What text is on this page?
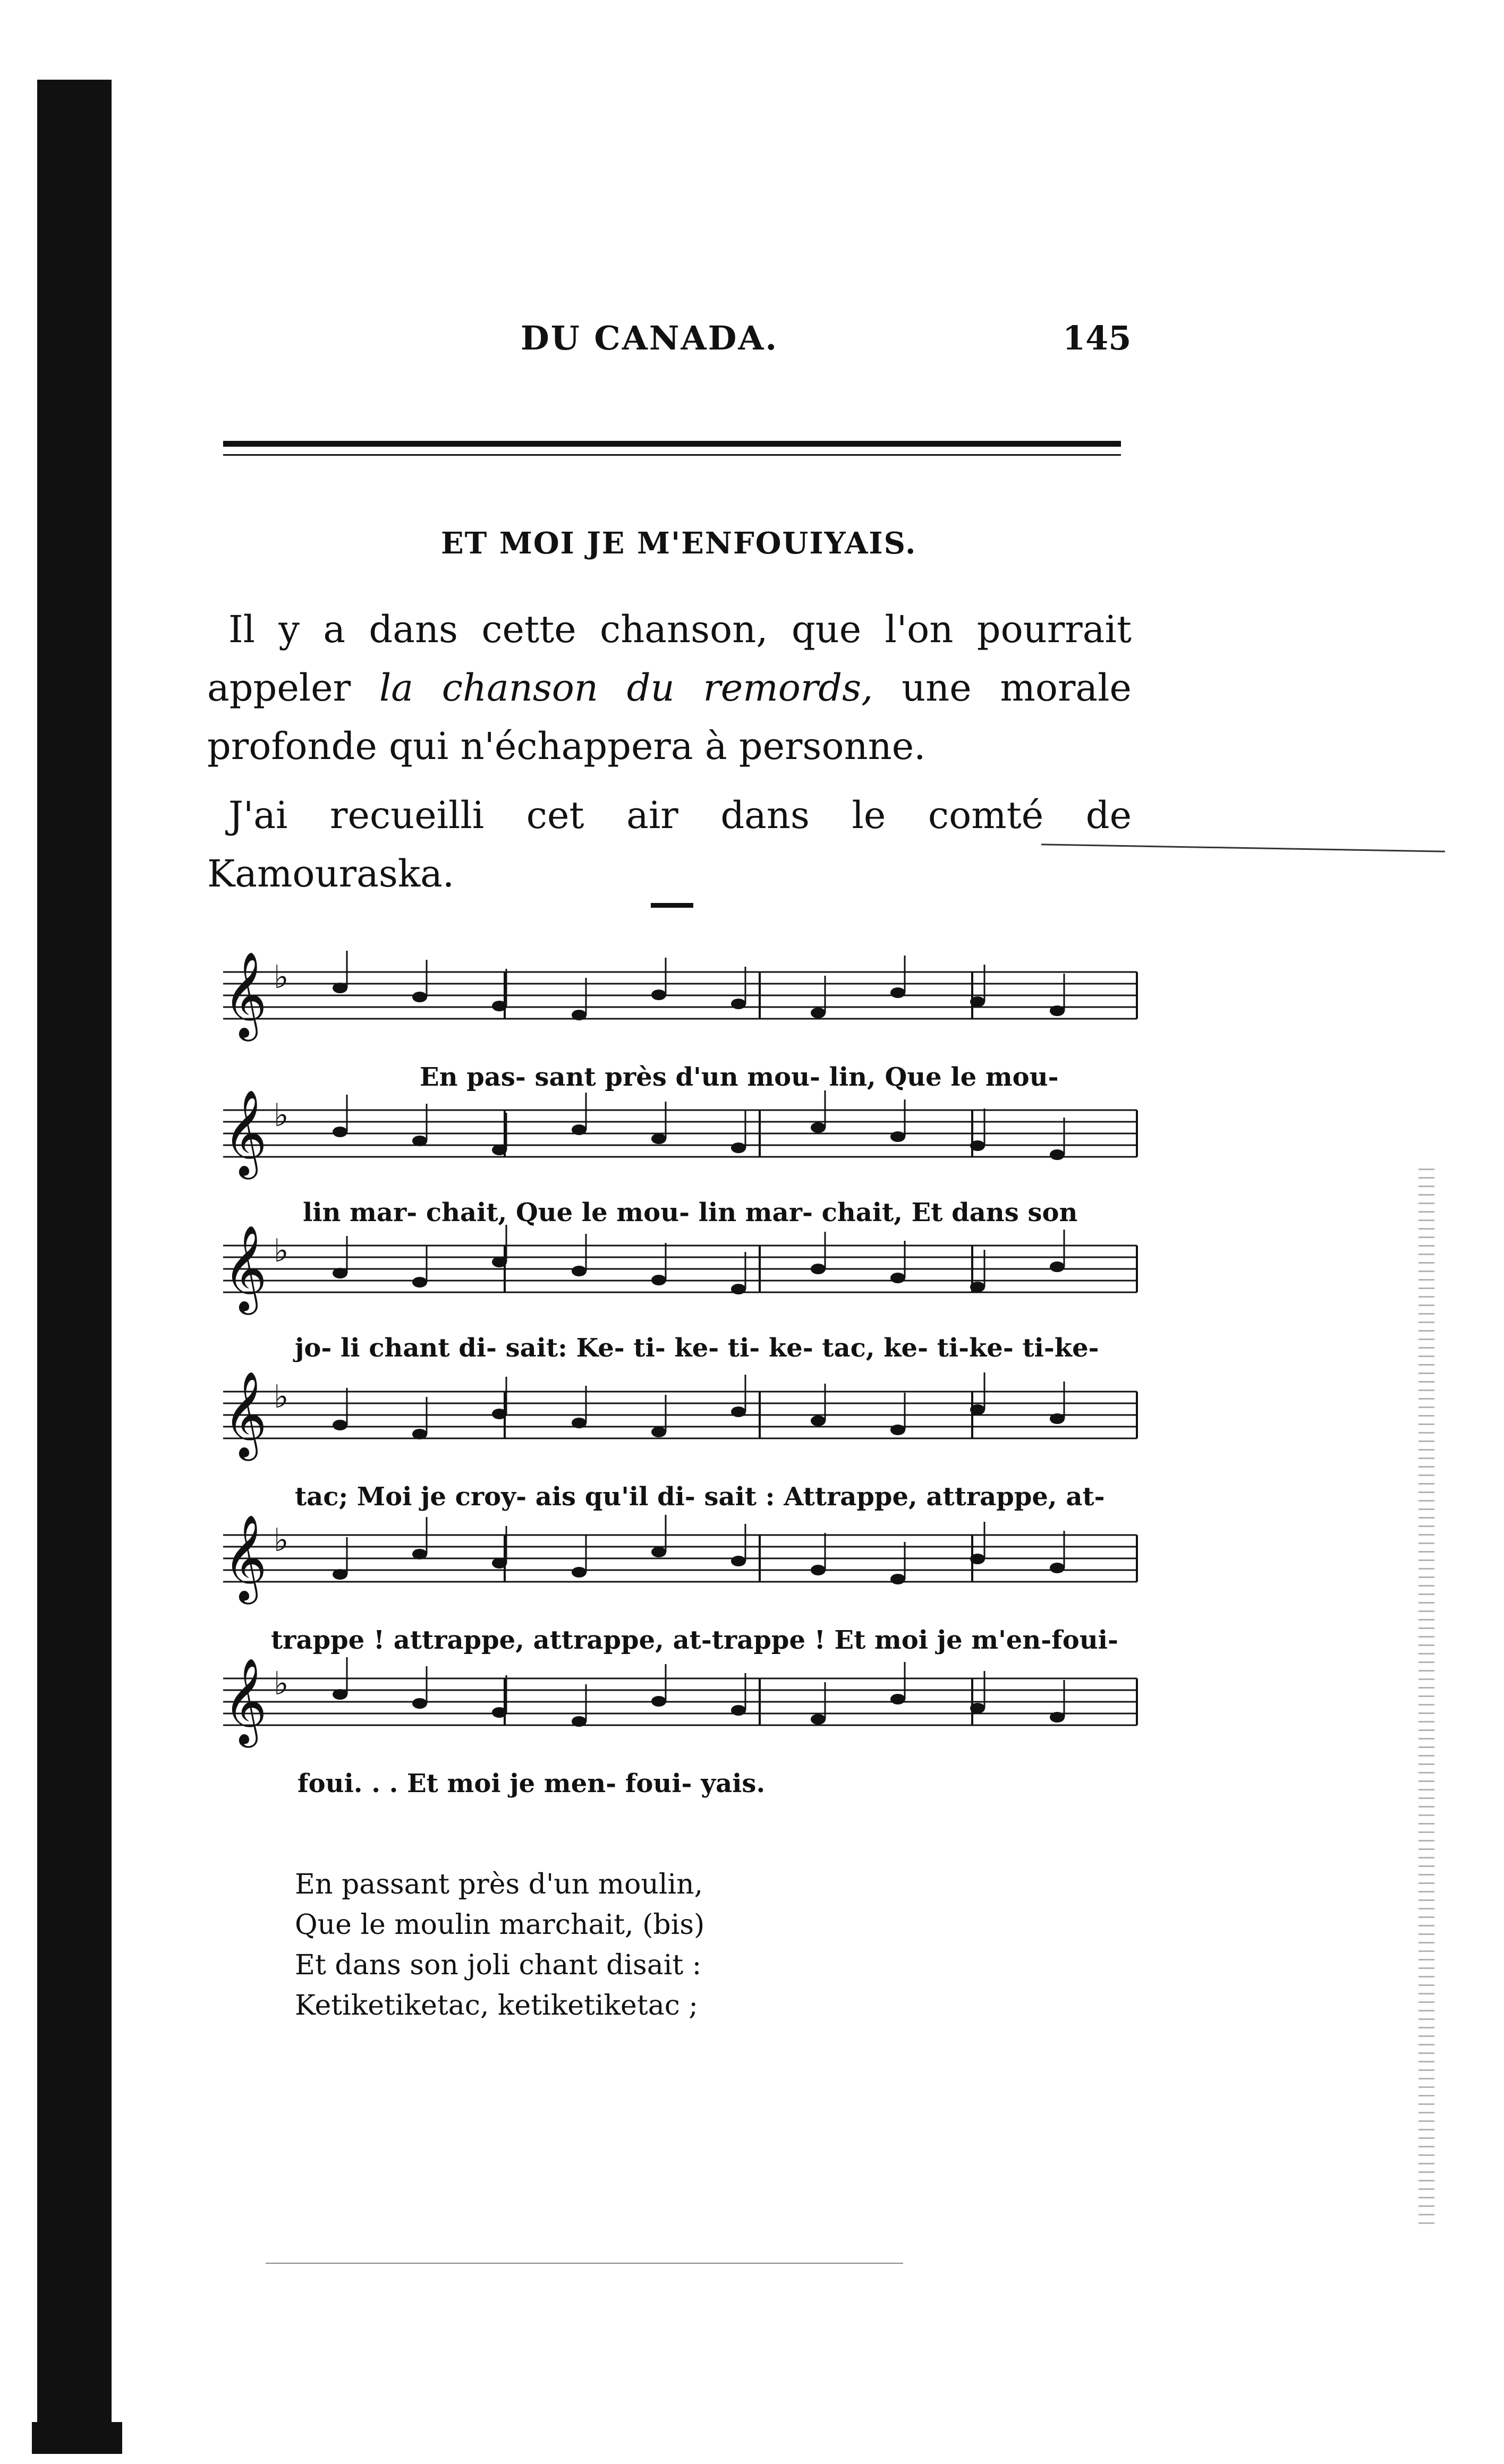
DU CANADA.	145
ET MOI JE M'ENFOUIYAIS.
Il y a dans cette chanson, que l'on pourrait appeler la chanson du remords, une morale profonde qui n'échappera à personne.
J'ai recueilli cet air dans le comté de Kamouraska.
𝄞 ♭
𝄞 ♭
𝄞 ♭
𝄞 ♭
𝄞 ♭
𝄞 ♭
En pas- sant près d'un mou- lin, Que le mou-
lin mar- chait, Que le mou- lin mar- chait, Et dans son
jo- li chant di- sait: Ke- ti- ke- ti- ke- tac, ke- ti-ke- ti-ke-
tac; Moi je croy- ais qu'il di- sait : Attrappe, attrappe, at-
trappe ! attrappe, attrappe, at-trappe ! Et moi je m'en-foui-
foui. . . Et moi je men- foui- yais.
En passant près d'un moulin,
Que le moulin marchait, (bis)
Et dans son joli chant disait :
Ketiketiketac, ketiketiketac ;
